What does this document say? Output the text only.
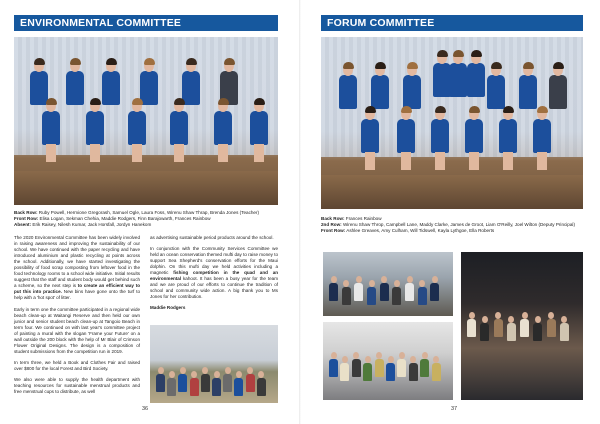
ENVIRONMENTAL COMMITTEE
Back Row: Ruby Powell, Hermione Gregorash, Samuel Ogle, Laura Foss, Wirenu Shaw Thrap, Brenda Jones (Teacher)
Front Row: Elisa Logan, Sekman Chehia, Maddie Rodgers, Finn Barajowarth, Frances Rainbow
Absent: Erik Raisey, Nilesh Kumar, Jack Horsfall, Jordyn Hanekom

The 2020 Environmental Committee has been widely involved in raising awareness and improving the sustainability of our school. We have continued with the paper recycling and have introduced aluminium and plastic recycling at points across the school. Additionally, we have started investigating the possibility of food scrap composting from leftover food in the food technology rooms to a school wide initiative. Initial results suggest that the staff and student body would get behind such a scheme, so the next step is to create an efficient way to put this into practice. New bins have gone onto the turf to help with a 'hot spot' of litter.

Early in term one the committee participated in a regional wide beach clean-up at Waitangi Reserve and then held our own junior and senior student beach clean-up at Tangoio Beach in term four. We continued on with last year's committee project of painting a mural with the slogan 'Frame your Future' on a wall outside the 200 block with the help of Mr Blair of Crimson Flower Original Designs. The design is a composition of student submissions from the competition run in 2019.

In term three, we held a Book and Clothes Fair and raised over $800 for the local Forest and Bird Society.

We also were able to supply the health department with teaching resources for sustainable menstrual products and free menstrual cups to distribute, as well

as advertising sustainable period products around the school.

In conjunction with the Community Services Committee we held an ocean conservation themed mufti day to raise money to support Sea Shepherd's conservation efforts for the Maui dolphin. On this mufti day we held activities including a magnetic fishing competition in the quad and an environmental kahoot. It has been a busy year for the team and we are proud of our efforts to continue the tradition of school and community wide action. A big thank you to Ms Jones for her contribution.

Maddie Rodgers

36
FORUM COMMITTEE
Back Row: Frances Rainbow
2nd Row: Wirenu Shaw Throp, Campbell Lane, Maddy Clarke, James de Groot, Liam O'Reilly, Joel Wilton (Deputy Principal)
Front Row: Ashlee Greaves, Amy Culham, Will Tidswell, Kayla Lythgoe, Ella Roberts
37
